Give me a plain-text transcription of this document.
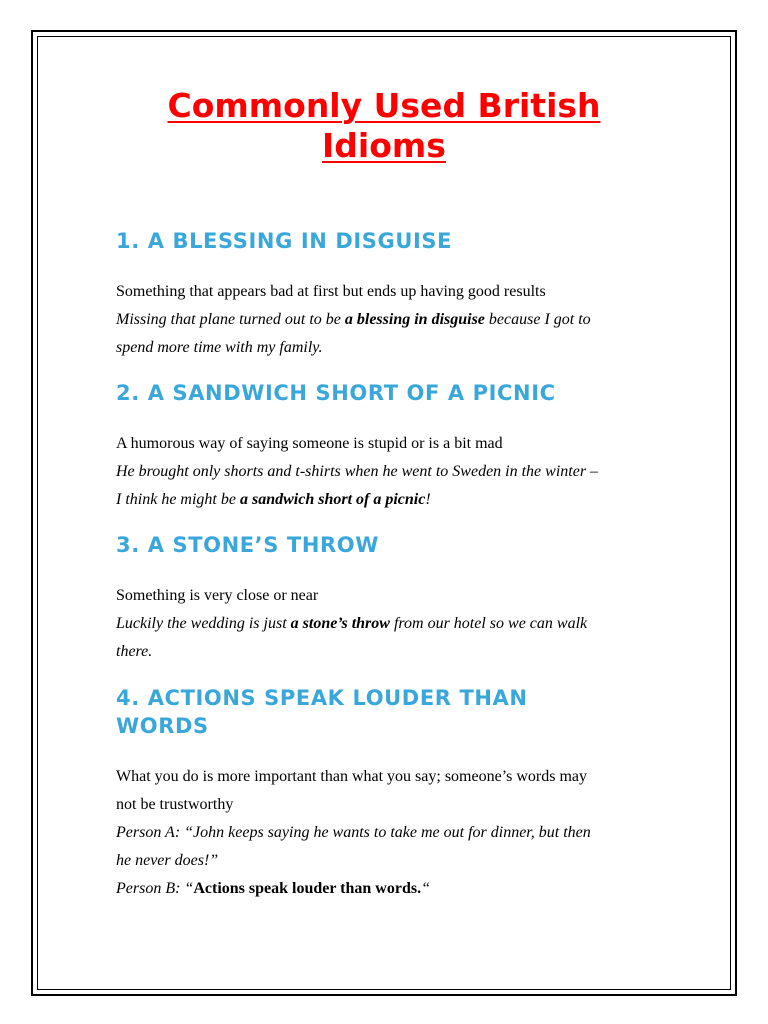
Commonly Used British
Idioms
1. A BLESSING IN DISGUISE
Something that appears bad at first but ends up having good results
Missing that plane turned out to be a blessing in disguise because I got to
spend more time with my family.
2. A SANDWICH SHORT OF A PICNIC
A humorous way of saying someone is stupid or is a bit mad
He brought only shorts and t-shirts when he went to Sweden in the winter –
I think he might be a sandwich short of a picnic!
3. A STONE’S THROW
Something is very close or near
Luckily the wedding is just a stone’s throw from our hotel so we can walk
there.
4. ACTIONS SPEAK LOUDER THAN
WORDS
What you do is more important than what you say; someone’s words may
not be trustworthy
Person A: “John keeps saying he wants to take me out for dinner, but then
he never does!”
Person B: “Actions speak louder than words.“
